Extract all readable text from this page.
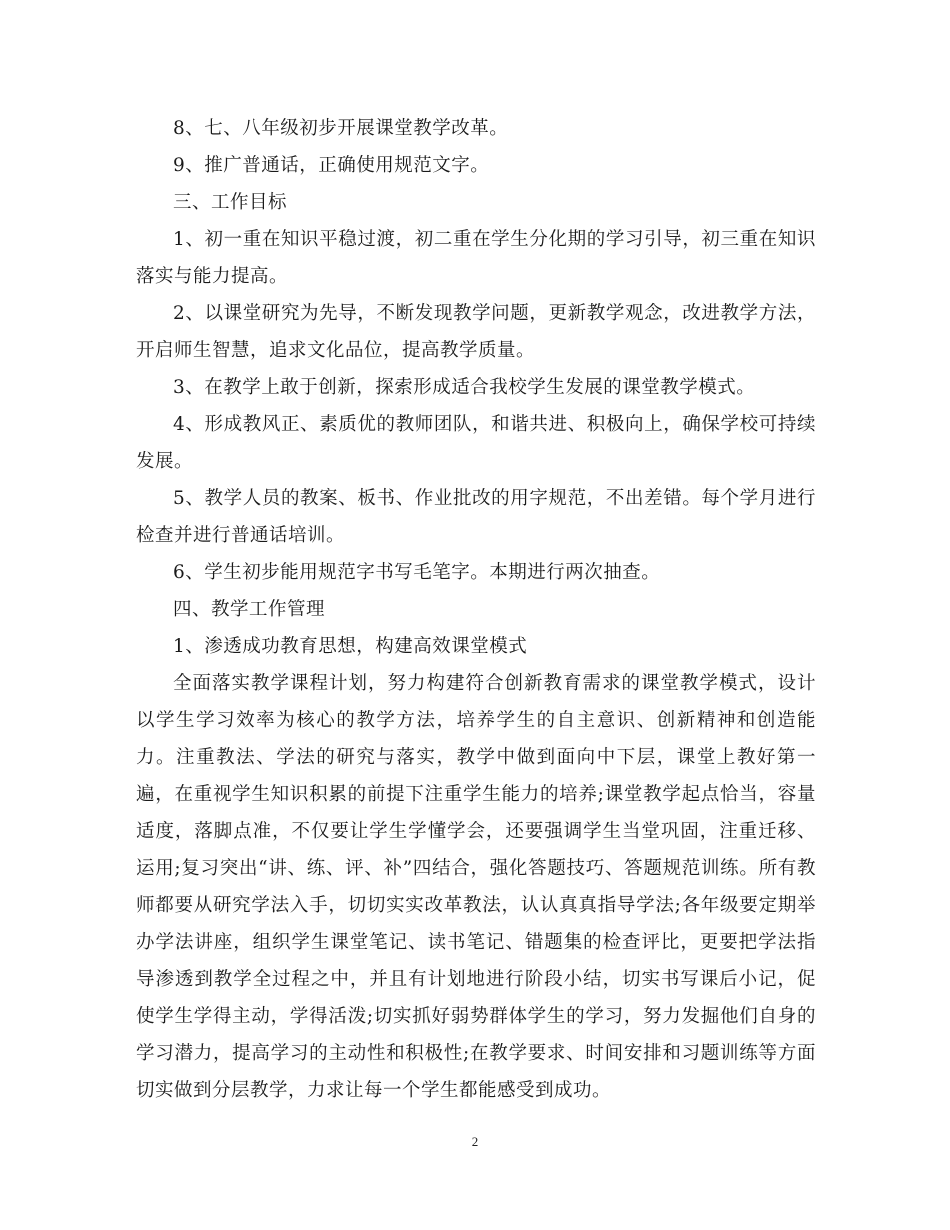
8、七、八年级初步开展课堂教学改革。

9、推广普通话，正确使用规范文字。

三、工作目标

1、初一重在知识平稳过渡，初二重在学生分化期的学习引导，初三重在知识落实与能力提高。

2、以课堂研究为先导，不断发现教学问题，更新教学观念，改进教学方法，开启师生智慧，追求文化品位，提高教学质量。

3、在教学上敢于创新，探索形成适合我校学生发展的课堂教学模式。

4、形成教风正、素质优的教师团队，和谐共进、积极向上，确保学校可持续发展。

5、教学人员的教案、板书、作业批改的用字规范，不出差错。每个学月进行检查并进行普通话培训。

6、学生初步能用规范字书写毛笔字。本期进行两次抽查。

四、教学工作管理

1、渗透成功教育思想，构建高效课堂模式

全面落实教学课程计划，努力构建符合创新教育需求的课堂教学模式，设计以学生学习效率为核心的教学方法，培养学生的自主意识、创新精神和创造能力。注重教法、学法的研究与落实，教学中做到面向中下层，课堂上教好第一遍，在重视学生知识积累的前提下注重学生能力的培养;课堂教学起点恰当，容量适度，落脚点准，不仅要让学生学懂学会，还要强调学生当堂巩固，注重迁移、运用;复习突出“讲、练、评、补”四结合，强化答题技巧、答题规范训练。所有教师都要从研究学法入手，切切实实改革教法，认认真真指导学法;各年级要定期举办学法讲座，组织学生课堂笔记、读书笔记、错题集的检查评比，更要把学法指导渗透到教学全过程之中，并且有计划地进行阶段小结，切实书写课后小记，促使学生学得主动，学得活泼;切实抓好弱势群体学生的学习，努力发掘他们自身的学习潜力，提高学习的主动性和积极性;在教学要求、时间安排和习题训练等方面切实做到分层教学，力求让每一个学生都能感受到成功。

2
